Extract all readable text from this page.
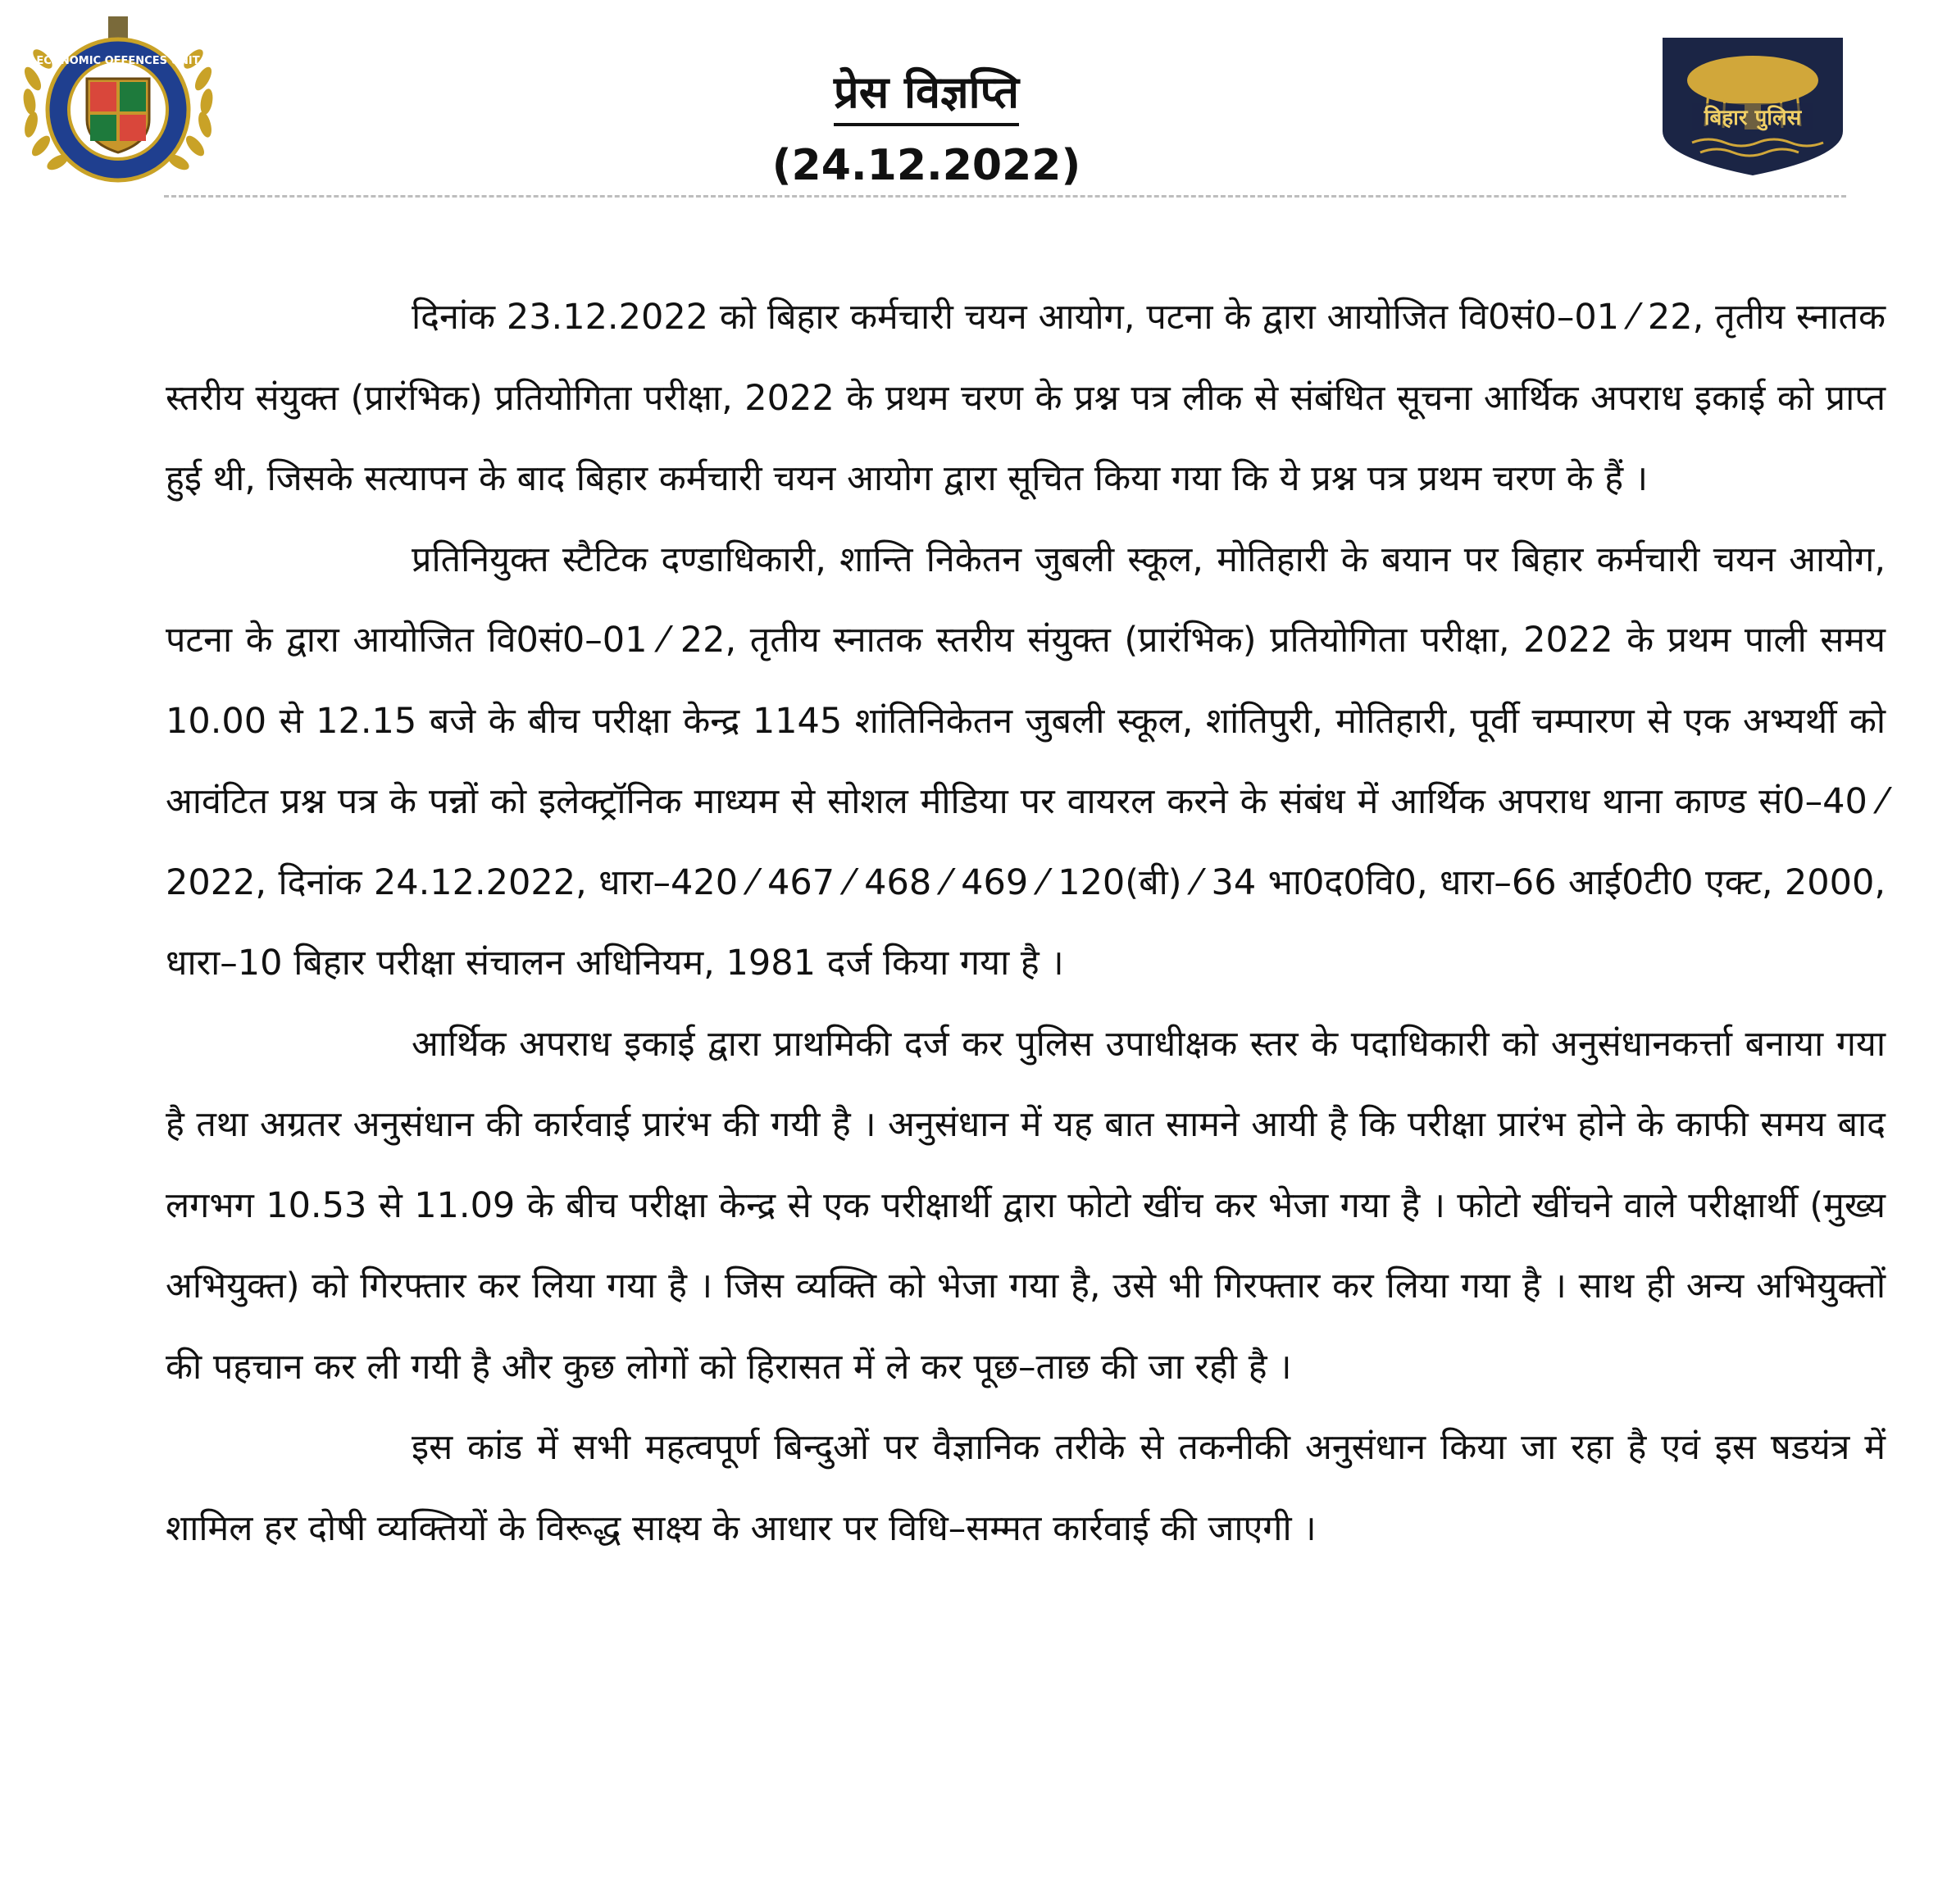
ECONOMIC OFFENCES UNIT
प्रेस विज्ञप्ति
(24.12.2022)
बिहार पुलिस

दिनांक 23.12.2022 को बिहार कर्मचारी चयन आयोग, पटना के द्वारा आयोजित वि0सं0–01 ⁄ 22, तृतीय स्नातक स्तरीय संयुक्त (प्रारंभिक) प्रतियोगिता परीक्षा, 2022 के प्रथम चरण के प्रश्न पत्र लीक से संबंधित सूचना आर्थिक अपराध इकाई को प्राप्त हुई थी, जिसके सत्यापन के बाद बिहार कर्मचारी चयन आयोग द्वारा सूचित किया गया कि ये प्रश्न पत्र प्रथम चरण के हैं ।

प्रतिनियुक्त स्टैटिक दण्डाधिकारी, शान्ति निकेतन जुबली स्कूल, मोतिहारी के बयान पर बिहार कर्मचारी चयन आयोग, पटना के द्वारा आयोजित वि0सं0–01 ⁄ 22, तृतीय स्नातक स्तरीय संयुक्त (प्रारंभिक) प्रतियोगिता परीक्षा, 2022 के प्रथम पाली समय 10.00 से 12.15 बजे के बीच परीक्षा केन्द्र 1145 शांतिनिकेतन जुबली स्कूल, शांतिपुरी, मोतिहारी, पूर्वी चम्पारण से एक अभ्यर्थी को आवंटित प्रश्न पत्र के पन्नों को इलेक्ट्रॉनिक माध्यम से सोशल मीडिया पर वायरल करने के संबंध में आर्थिक अपराध थाना काण्ड सं0–40 ⁄ 2022, दिनांक 24.12.2022, धारा–420 ⁄ 467 ⁄ 468 ⁄ 469 ⁄ 120(बी) ⁄ 34 भा0द0वि0, धारा–66 आई0टी0 एक्ट, 2000, धारा–10 बिहार परीक्षा संचालन अधिनियम, 1981 दर्ज किया गया है ।

आर्थिक अपराध इकाई द्वारा प्राथमिकी दर्ज कर पुलिस उपाधीक्षक स्तर के पदाधिकारी को अनुसंधानकर्त्ता बनाया गया है तथा अग्रतर अनुसंधान की कार्रवाई प्रारंभ की गयी है । अनुसंधान में यह बात सामने आयी है कि परीक्षा प्रारंभ होने के काफी समय बाद लगभग 10.53 से 11.09 के बीच परीक्षा केन्द्र से एक परीक्षार्थी द्वारा फोटो खींच कर भेजा गया है । फोटो खींचने वाले परीक्षार्थी (मुख्य अभियुक्त) को गिरफ्तार कर लिया गया है । जिस व्यक्ति को भेजा गया है, उसे भी गिरफ्तार कर लिया गया है । साथ ही अन्य अभियुक्तों की पहचान कर ली गयी है और कुछ लोगों को हिरासत में ले कर पूछ–ताछ की जा रही है ।

इस कांड में सभी महत्वपूर्ण बिन्दुओं पर वैज्ञानिक तरीके से तकनीकी अनुसंधान किया जा रहा है एवं इस षडयंत्र में शामिल हर दोषी व्यक्तियों के विरूद्ध साक्ष्य के आधार पर विधि–सम्मत कार्रवाई की जाएगी ।
